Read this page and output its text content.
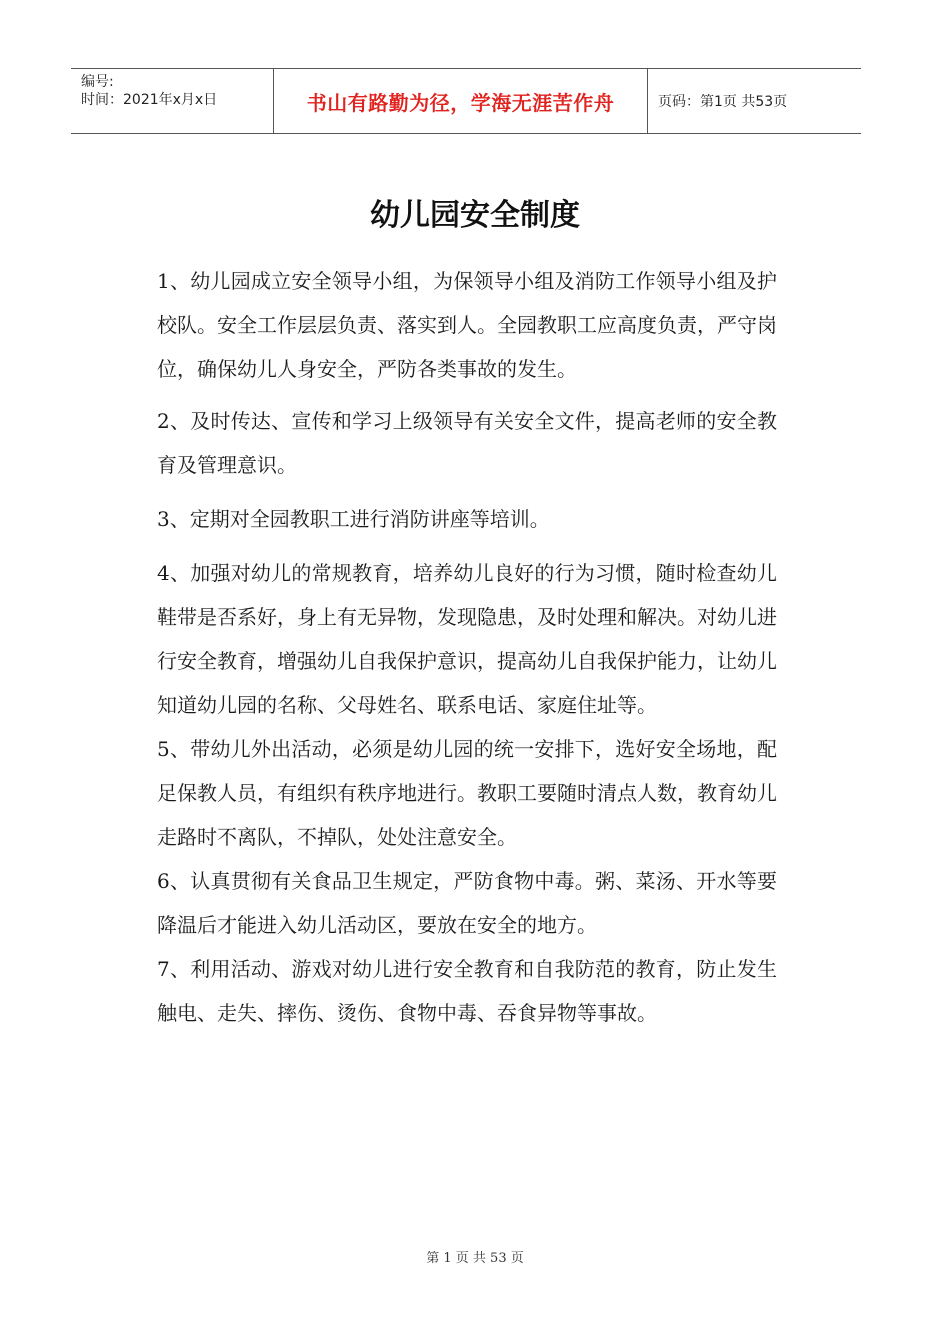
编号:
时间：2021年x月x日	书山有路勤为径，学海无涯苦作舟	页码：第1页 共53页
幼儿园安全制度

1、幼儿园成立安全领导小组，为保领导小组及消防工作领导小组及护校队。安全工作层层负责、落实到人。全园教职工应高度负责，严守岗位，确保幼儿人身安全，严防各类事故的发生。

2、及时传达、宣传和学习上级领导有关安全文件，提高老师的安全教育及管理意识。

3、定期对全园教职工进行消防讲座等培训。

4、加强对幼儿的常规教育，培养幼儿良好的行为习惯，随时检查幼儿鞋带是否系好，身上有无异物，发现隐患，及时处理和解决。对幼儿进行安全教育，增强幼儿自我保护意识，提高幼儿自我保护能力，让幼儿知道幼儿园的名称、父母姓名、联系电话、家庭住址等。

5、带幼儿外出活动，必须是幼儿园的统一安排下，选好安全场地，配足保教人员，有组织有秩序地进行。教职工要随时清点人数，教育幼儿走路时不离队，不掉队，处处注意安全。

6、认真贯彻有关食品卫生规定，严防食物中毒。粥、菜汤、开水等要降温后才能进入幼儿活动区，要放在安全的地方。

7、利用活动、游戏对幼儿进行安全教育和自我防范的教育，防止发生触电、走失、摔伤、烫伤、食物中毒、吞食异物等事故。

第 1 页 共 53 页
